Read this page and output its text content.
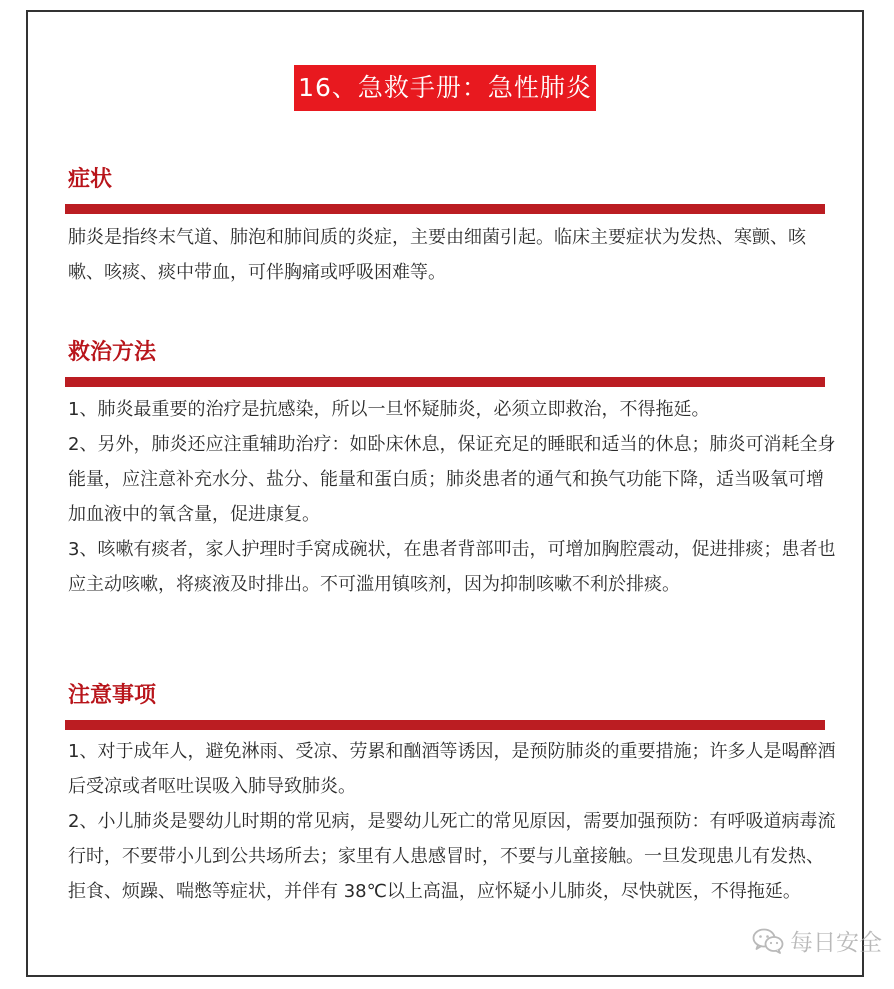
16、急救手册：急性肺炎
症状

肺炎是指终末气道、肺泡和肺间质的炎症，主要由细菌引起。临床主要症状为发热、寒颤、咳嗽、咳痰、痰中带血，可伴胸痛或呼吸困难等。

救治方法

1、肺炎最重要的治疗是抗感染，所以一旦怀疑肺炎，必须立即救治，不得拖延。

2、另外，肺炎还应注重辅助治疗：如卧床休息，保证充足的睡眠和适当的休息；肺炎可消耗全身能量，应注意补充水分、盐分、能量和蛋白质；肺炎患者的通气和换气功能下降，适当吸氧可增加血液中的氧含量，促进康复。

3、咳嗽有痰者，家人护理时手窝成碗状，在患者背部叩击，可增加胸腔震动，促进排痰；患者也应主动咳嗽，将痰液及时排出。不可滥用镇咳剂，因为抑制咳嗽不利於排痰。

注意事项

1、对于成年人，避免淋雨、受凉、劳累和酗酒等诱因，是预防肺炎的重要措施；许多人是喝醉酒后受凉或者呕吐误吸入肺导致肺炎。

2、小儿肺炎是婴幼儿时期的常见病，是婴幼儿死亡的常见原因，需要加强预防：有呼吸道病毒流行时，不要带小儿到公共场所去；家里有人患感冒时，不要与儿童接触。一旦发现患儿有发热、拒食、烦躁、喘憋等症状，并伴有 38℃以上高温，应怀疑小儿肺炎，尽快就医，不得拖延。

每日安全
